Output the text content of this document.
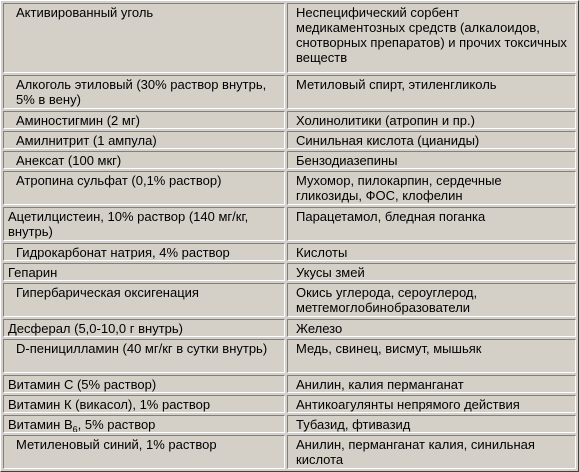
Активированный уголь	Неспецифический сорбент медикаментозных средств (алкалоидов, снотворных препаратов) и прочих токсичных веществ
Алкоголь этиловый (30% раствор внутрь, 5% в вену)	Метиловый спирт, этиленгликоль
Аминостигмин (2 мг)	Холинолитики (атропин и пр.)
Амилнитрит (1 ампула)	Синильная кислота (цианиды)
Анексат (100 мкг)	Бензодиазепины
Атропина сульфат (0,1% раствор)	Мухомор, пилокарпин, сердечные гликозиды, ФОС, клофелин
Ацетилцистеин, 10% раствор (140 мг/кг, внутрь)	Парацетамол, бледная поганка
Гидрокарбонат натрия, 4% раствор	Кислоты
Гепарин	Укусы змей
Гипербарическая оксигенация	Окись углерода, сероуглерод, метгемоглобинобразователи
Десферал (5,0-10,0 г внутрь)	Железо
D-пеницилламин (40 мг/кг в сутки внутрь)	Медь, свинец, висмут, мышьяк
Витамин С (5% раствор)	Анилин, калия перманганат
Витамин К (викасол), 1% раствор	Антикоагулянты непрямого действия
Витамин $В_6$, 5% раствор	Тубазид, фтивазид
Метиленовый синий, 1% раствор	Анилин, перманганат калия, синильная кислота
